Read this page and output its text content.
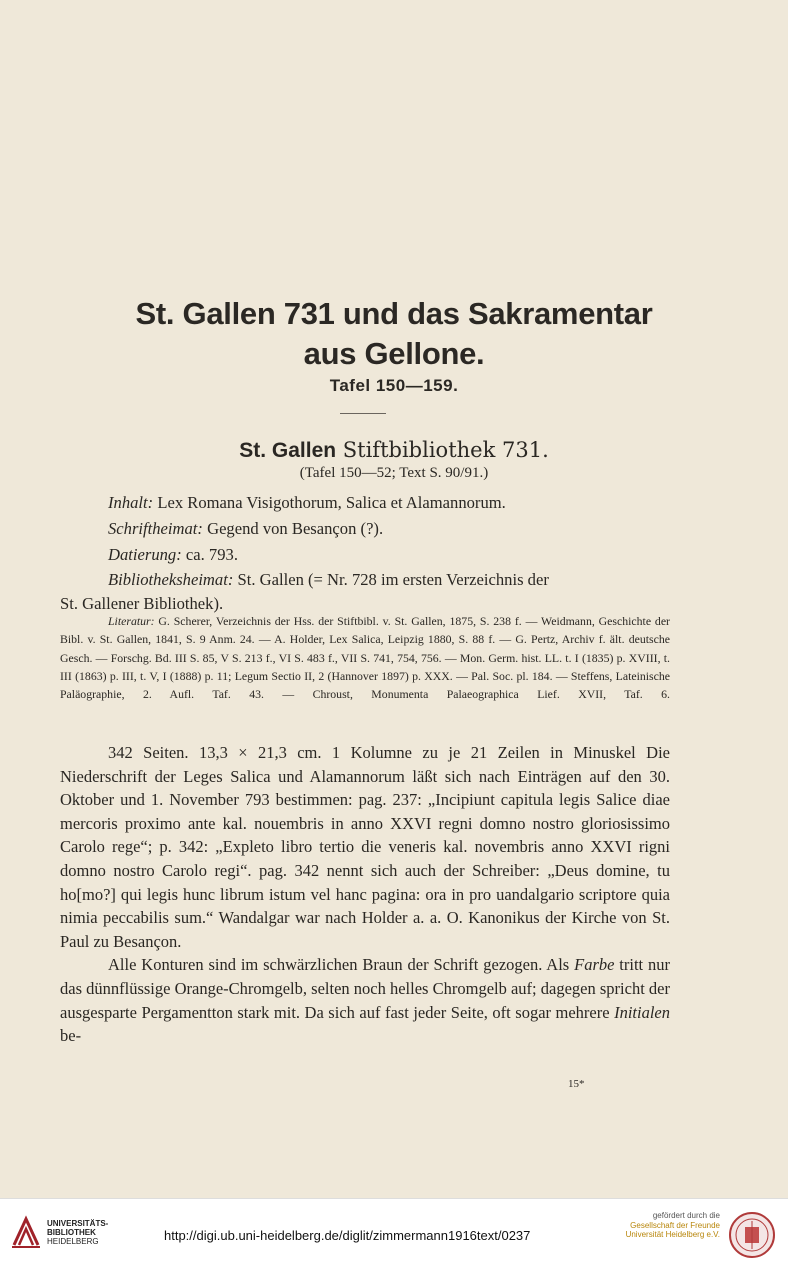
St. Gallen 731 und das Sakramentar
aus Gellone.
Tafel 150—159.
St. Gallen Stiftbibliothek 731.
(Tafel 150—52; Text S. 90/91.)
Inhalt: Lex Romana Visigothorum, Salica et Alamannorum.
Schriftheimat: Gegend von Besançon (?).
Datierung: ca. 793.
Bibliotheksheimat: St. Gallen (= Nr. 728 im ersten Verzeichnis der
St. Gallener Bibliothek).

Literatur: G. Scherer, Verzeichnis der Hss. der Stiftbibl. v. St. Gallen, 1875, S. 238 f. — Weidmann, Geschichte der Bibl. v. St. Gallen, 1841, S. 9 Anm. 24. — A. Holder, Lex Salica, Leipzig 1880, S. 88 f. — G. Pertz, Archiv f. ält. deutsche Gesch. — Forschg. Bd. III S. 85, V S. 213 f., VI S. 483 f., VII S. 741, 754, 756. — Mon. Germ. hist. LL. t. I (1835) p. XVIII, t. III (1863) p. III, t. V, I (1888) p. 11; Legum Sectio II, 2 (Hannover 1897) p. XXX. — Pal. Soc. pl. 184. — Steffens, Lateinische Paläographie, 2. Aufl. Taf. 43. — Chroust, Monumenta Palaeographica Lief. XVII, Taf. 6.

342 Seiten. 13,3 × 21,3 cm. 1 Kolumne zu je 21 Zeilen in Minuskel Die Niederschrift der Leges Salica und Alamannorum läßt sich nach Einträgen auf den 30. Oktober und 1. November 793 bestimmen: pag. 237: „Incipiunt capitula legis Salice diae mercoris proximo ante kal. nouembris in anno XXVI regni domno nostro gloriosissimo Carolo rege“; p. 342: „Expleto libro tertio die veneris kal. novembris anno XXVI rigni domno nostro Carolo regi“. pag. 342 nennt sich auch der Schreiber: „Deus domine, tu ho[mo?] qui legis hunc librum istum vel hanc pagina: ora in pro uandalgario scriptore quia nimia peccabilis sum.“ Wandalgar war nach Holder a. a. O. Kanonikus der Kirche von St. Paul zu Besançon.

Alle Konturen sind im schwärzlichen Braun der Schrift gezogen. Als Farbe tritt nur das dünnflüssige Orange-Chromgelb, selten noch helles Chromgelb auf; dagegen spricht der ausgesparte Pergamentton stark mit. Da sich auf fast jeder Seite, oft sogar mehrere Initialen be-

15*
UNIVERSITÄTS-
BIBLIOTHEK
HEIDELBERG	http://digi.ub.uni-heidelberg.de/diglit/zimmermann1916text/0237
gefördert durch die
Gesellschaft der Freunde
Universität Heidelberg e.V.
